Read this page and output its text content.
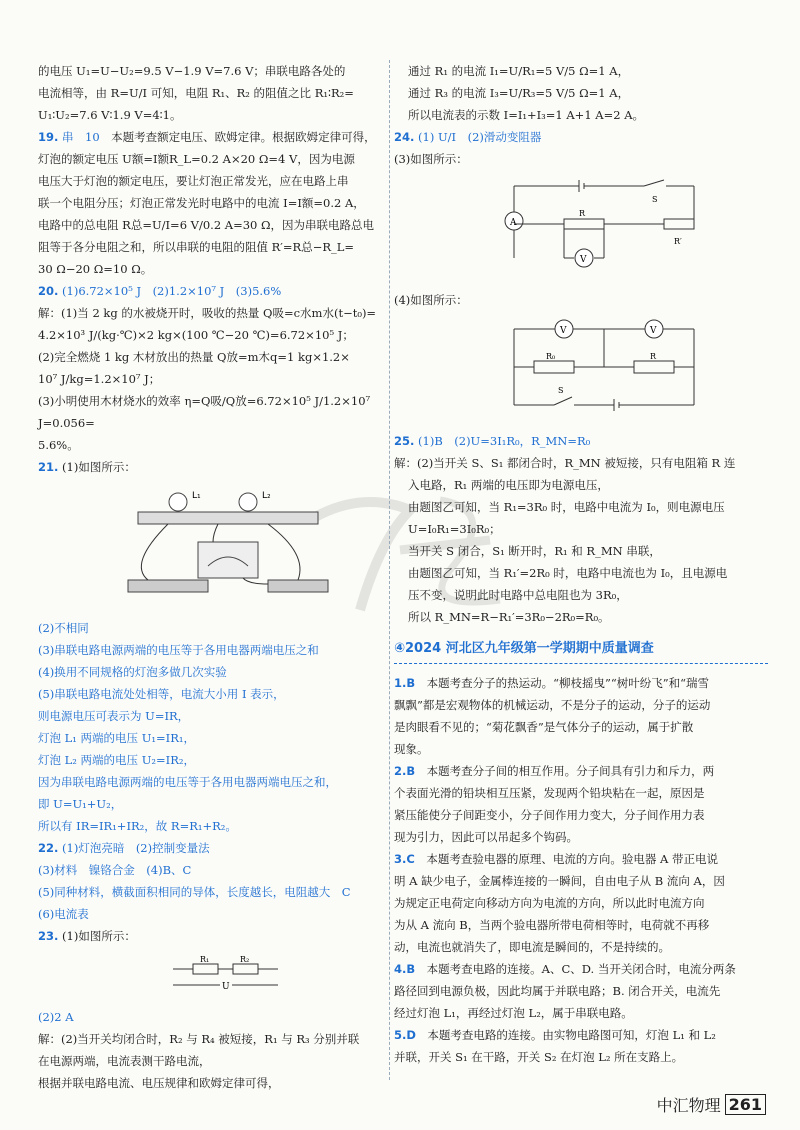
的电压 U₁=U−U₂=9.5 V−1.9 V=7.6 V；串联电路各处的

电流相等，由 R=U/I 可知，电阻 R₁、R₂ 的阻值之比 R₁∶R₂=

U₁∶U₂=7.6 V∶1.9 V=4∶1。

19. 串　10　 本题考查额定电压、欧姆定律。根据欧姆定律可得，

灯泡的额定电压 U额=I额R_L=0.2 A×20 Ω=4 V，因为电源

电压大于灯泡的额定电压，要让灯泡正常发光，应在电路上串

联一个电阻分压；灯泡正常发光时电路中的电流 I=I额=0.2 A，

电路中的总电阻 R总=U/I=6 V/0.2 A=30 Ω，因为串联电路总电

阻等于各分电阻之和，所以串联的电阻的阻值 R′=R总−R_L=

30 Ω−20 Ω=10 Ω。

20. (1)6.72×10⁵ J　(2)1.2×10⁷ J　(3)5.6%

解：(1)当 2 kg 的水被烧开时，吸收的热量 Q吸=c水m水(t−t₀)=

4.2×10³ J/(kg·℃)×2 kg×(100 ℃−20 ℃)=6.72×10⁵ J；

(2)完全燃烧 1 kg 木材放出的热量 Q放=m木q=1 kg×1.2×

10⁷ J/kg=1.2×10⁷ J；

(3)小明使用木材烧水的效率 η=Q吸/Q放=6.72×10⁵ J/1.2×10⁷ J=0.056=

5.6%。

21. (1)如图所示：

L₁	L₂

(2)不相同

(3)串联电路电源两端的电压等于各用电器两端电压之和

(4)换用不同规格的灯泡多做几次实验

(5)串联电路电流处处相等，电流大小用 I 表示，

则电源电压可表示为 U=IR，

灯泡 L₁ 两端的电压 U₁=IR₁，

灯泡 L₂ 两端的电压 U₂=IR₂，

因为串联电路电源两端的电压等于各用电器两端电压之和，

即 U=U₁+U₂，

所以有 IR=IR₁+IR₂，故 R=R₁+R₂。

22. (1)灯泡亮暗　(2)控制变量法

(3)材料　镍铬合金　(4)B、C

(5)同种材料，横截面积相同的导体，长度越长，电阻越大　C

(6)电流表

23. (1)如图所示：

R₁	R₂
U

(2)2 A

解：(2)当开关均闭合时，R₂ 与 R₄ 被短接，R₁ 与 R₃ 分别并联

在电源两端，电流表测干路电流，

根据并联电路电流、电压规律和欧姆定律可得，

通过 R₁ 的电流 I₁=U/R₁=5 V/5 Ω=1 A，

通过 R₃ 的电流 I₃=U/R₃=5 V/5 Ω=1 A，

所以电流表的示数 I=I₁+I₃=1 A+1 A=2 A。

24. (1) U/I　(2)滑动变阻器

(3)如图所示：

S
A
R
R′
V

(4)如图所示：

V	V
R₀	R
S

25. (1)B　(2)U=3I₁R₀，R_MN=R₀

解：(2)当开关 S、S₁ 都闭合时，R_MN 被短接，只有电阻箱 R 连

入电路，R₁ 两端的电压即为电源电压，

由题图乙可知，当 R₁=3R₀ 时，电路中电流为 I₀，则电源电压

U=I₀R₁=3I₀R₀；

当开关 S 闭合，S₁ 断开时，R₁ 和 R_MN 串联，

由题图乙可知，当 R₁′=2R₀ 时，电路中电流也为 I₀，且电源电

压不变，说明此时电路中总电阻也为 3R₀，

所以 R_MN=R−R₁′=3R₀−2R₀=R₀。

④2024 河北区九年级第一学期期中质量调查

1.B　 本题考查分子的热运动。“柳枝摇曳”“树叶纷飞”和“瑞雪

飘飘”都是宏观物体的机械运动，不是分子的运动，分子的运动

是肉眼看不见的；“菊花飘香”是气体分子的运动，属于扩散

现象。

2.B　 本题考查分子间的相互作用。分子间具有引力和斥力，两

个表面光滑的铅块相互压紧，发现两个铅块粘在一起，原因是

紧压能使分子间距变小，分子间作用力变大，分子间作用力表

现为引力，因此可以吊起多个钩码。

3.C　 本题考查验电器的原理、电流的方向。验电器 A 带正电说

明 A 缺少电子，金属棒连接的一瞬间，自由电子从 B 流向 A，因

为规定正电荷定向移动方向为电流的方向，所以此时电流方向

为从 A 流向 B，当两个验电器所带电荷相等时，电荷就不再移

动，电流也就消失了，即电流是瞬间的，不是持续的。

4.B　 本题考查电路的连接。A、C、D. 当开关闭合时，电流分两条

路径回到电源负极，因此均属于并联电路；B. 闭合开关，电流先

经过灯泡 L₁，再经过灯泡 L₂，属于串联电路。

5.D　 本题考查电路的连接。由实物电路图可知，灯泡 L₁ 和 L₂

并联，开关 S₁ 在干路，开关 S₂ 在灯泡 L₂ 所在支路上。

中汇物理 261
